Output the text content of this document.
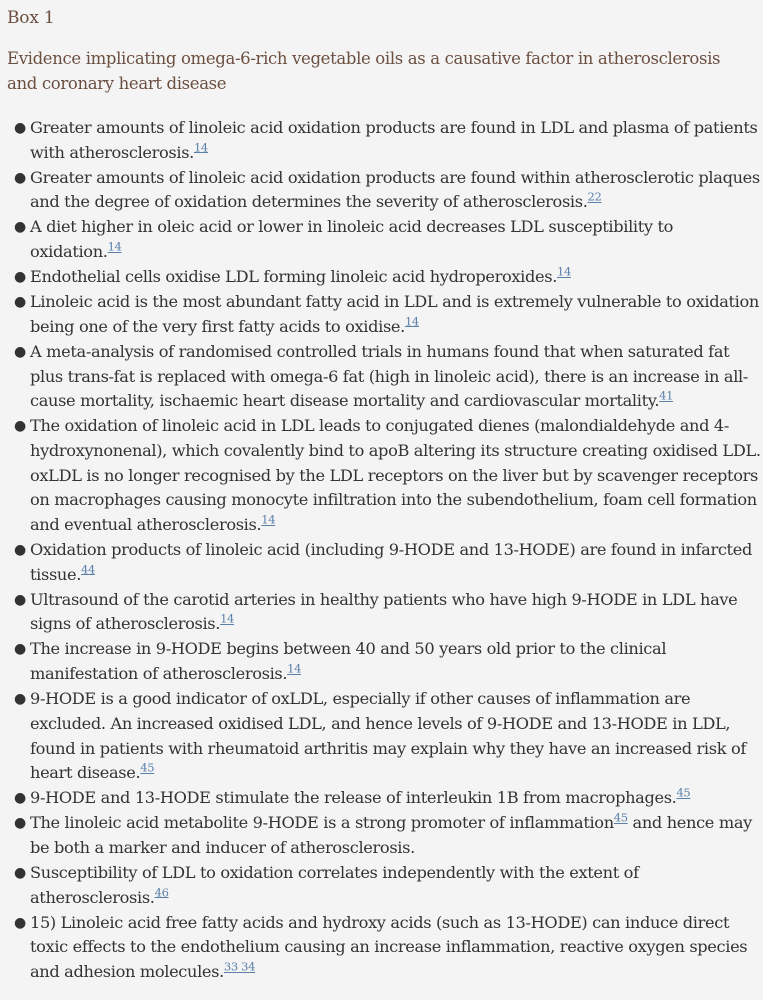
Box 1
Evidence implicating omega-6-rich vegetable oils as a causative factor in atherosclerosis and coronary heart disease
● Greater amounts of linoleic acid oxidation products are found in LDL and plasma of patients with atherosclerosis.$^{14}$
● Greater amounts of linoleic acid oxidation products are found within atherosclerotic plaques and the degree of oxidation determines the severity of atherosclerosis.$^{22}$
● A diet higher in oleic acid or lower in linoleic acid decreases LDL susceptibility to oxidation.$^{14}$
● Endothelial cells oxidise LDL forming linoleic acid hydroperoxides.$^{14}$
● Linoleic acid is the most abundant fatty acid in LDL and is extremely vulnerable to oxidation being one of the very first fatty acids to oxidise.$^{14}$
● A meta-analysis of randomised controlled trials in humans found that when saturated fat plus trans-fat is replaced with omega-6 fat (high in linoleic acid), there is an increase in all-cause mortality, ischaemic heart disease mortality and cardiovascular mortality.$^{41}$
● The oxidation of linoleic acid in LDL leads to conjugated dienes (malondialdehyde and 4-hydroxynonenal), which covalently bind to apoB altering its structure creating oxidised LDL. oxLDL is no longer recognised by the LDL receptors on the liver but by scavenger receptors on macrophages causing monocyte infiltration into the subendothelium, foam cell formation and eventual atherosclerosis.$^{14}$
● Oxidation products of linoleic acid (including 9-HODE and 13-HODE) are found in infarcted tissue.$^{44}$
● Ultrasound of the carotid arteries in healthy patients who have high 9-HODE in LDL have signs of atherosclerosis.$^{14}$
● The increase in 9-HODE begins between 40 and 50 years old prior to the clinical manifestation of atherosclerosis.$^{14}$
● 9-HODE is a good indicator of oxLDL, especially if other causes of inflammation are excluded. An increased oxidised LDL, and hence levels of 9-HODE and 13-HODE in LDL, found in patients with rheumatoid arthritis may explain why they have an increased risk of heart disease.$^{45}$
● 9-HODE and 13-HODE stimulate the release of interleukin 1B from macrophages.$^{45}$
● The linoleic acid metabolite 9-HODE is a strong promoter of inflammation$^{45}$ and hence may be both a marker and inducer of atherosclerosis.
● Susceptibility of LDL to oxidation correlates independently with the extent of atherosclerosis.$^{46}$
● 15) Linoleic acid free fatty acids and hydroxy acids (such as 13-HODE) can induce direct toxic effects to the endothelium causing an increase inflammation, reactive oxygen species and adhesion molecules.$^{33 34}$
